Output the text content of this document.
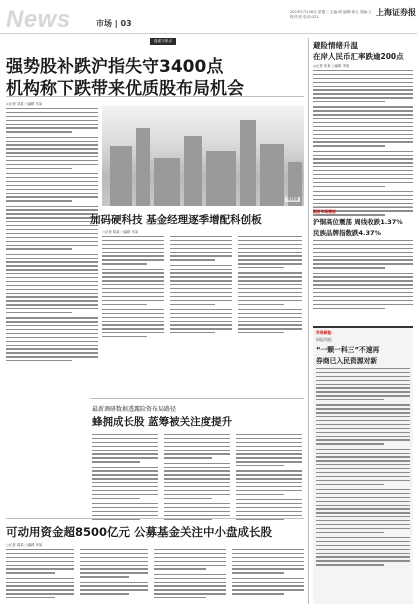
News	市场 | 03
2023年7月26日 星期三 主编:胡 编辑:徐云 美编:王 校对:张 电话:021-	上海证券报
盘面与热点
强势股补跌沪指失守3400点
机构称下跌带来优质股布局机会
◎记者 刘某 ○编辑 朱某
资料图
加码硬科技 基金经理逐季增配科创板
○记者 陈某 ○编辑 朱某
最新调研数据透露险资布局路径
蜂拥成长股 蓝筹被关注度提升
可动用资金超8500亿元 公募基金关注中小盘成长股
○记者 周某 ○编辑 李某
避险情绪升温
在岸人民币汇率跌逾200点
◎记者 张某 ○编辑 李某
期货市场情况
沪铜高位震荡 周线收跌1.37%
民族品牌指数跌4.37%
市场研报：
研报周报
“一颗一科三”不速再
券商已入民资源对新
